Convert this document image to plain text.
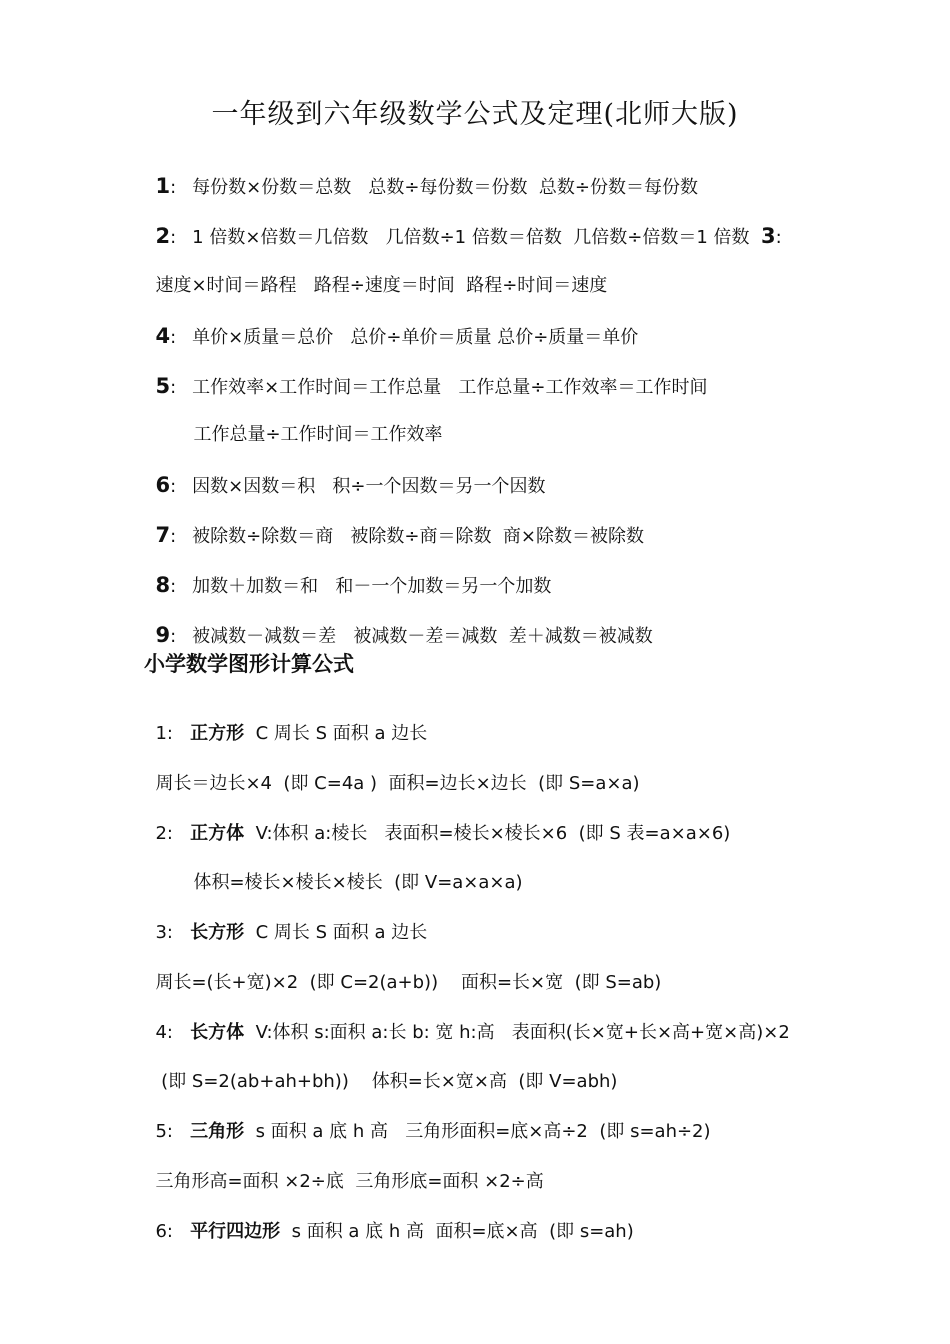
一年级到六年级数学公式及定理(北师大版)

1: 每份数×份数＝总数   总数÷每份数＝份数  总数÷份数＝每份数

2: 1 倍数×倍数＝几倍数   几倍数÷1 倍数＝倍数  几倍数÷倍数＝1 倍数 3:

速度×时间＝路程   路程÷速度＝时间  路程÷时间＝速度

4: 单价×质量＝总价   总价÷单价＝质量 总价÷质量＝单价

5: 工作效率×工作时间＝工作总量   工作总量÷工作效率＝工作时间

工作总量÷工作时间＝工作效率

6: 因数×因数＝积   积÷一个因数＝另一个因数

7: 被除数÷除数＝商   被除数÷商＝除数  商×除数＝被除数

8: 加数＋加数＝和   和－一个加数＝另一个加数

9: 被减数－减数＝差   被减数－差＝减数  差＋减数＝被减数

小学数学图形计算公式

1: 正方形  C 周长 S 面积 a 边长

周长＝边长×4  (即 C=4a )  面积=边长×边长  (即 S=a×a)

2: 正方体  V:体积 a:棱长   表面积=棱长×棱长×6  (即 S 表=a×a×6)

体积=棱长×棱长×棱长  (即 V=a×a×a)

3: 长方形  C 周长 S 面积 a 边长

周长=(长+宽)×2  (即 C=2(a+b))    面积=长×宽  (即 S=ab)

4: 长方体  V:体积 s:面积 a:长 b: 宽 h:高   表面积(长×宽+长×高+宽×高)×2

(即 S=2(ab+ah+bh))    体积=长×宽×高  (即 V=abh)

5: 三角形  s 面积 a 底 h 高   三角形面积=底×高÷2  (即 s=ah÷2)

三角形高=面积 ×2÷底  三角形底=面积 ×2÷高

6: 平行四边形  s 面积 a 底 h 高  面积=底×高  (即 s=ah)
